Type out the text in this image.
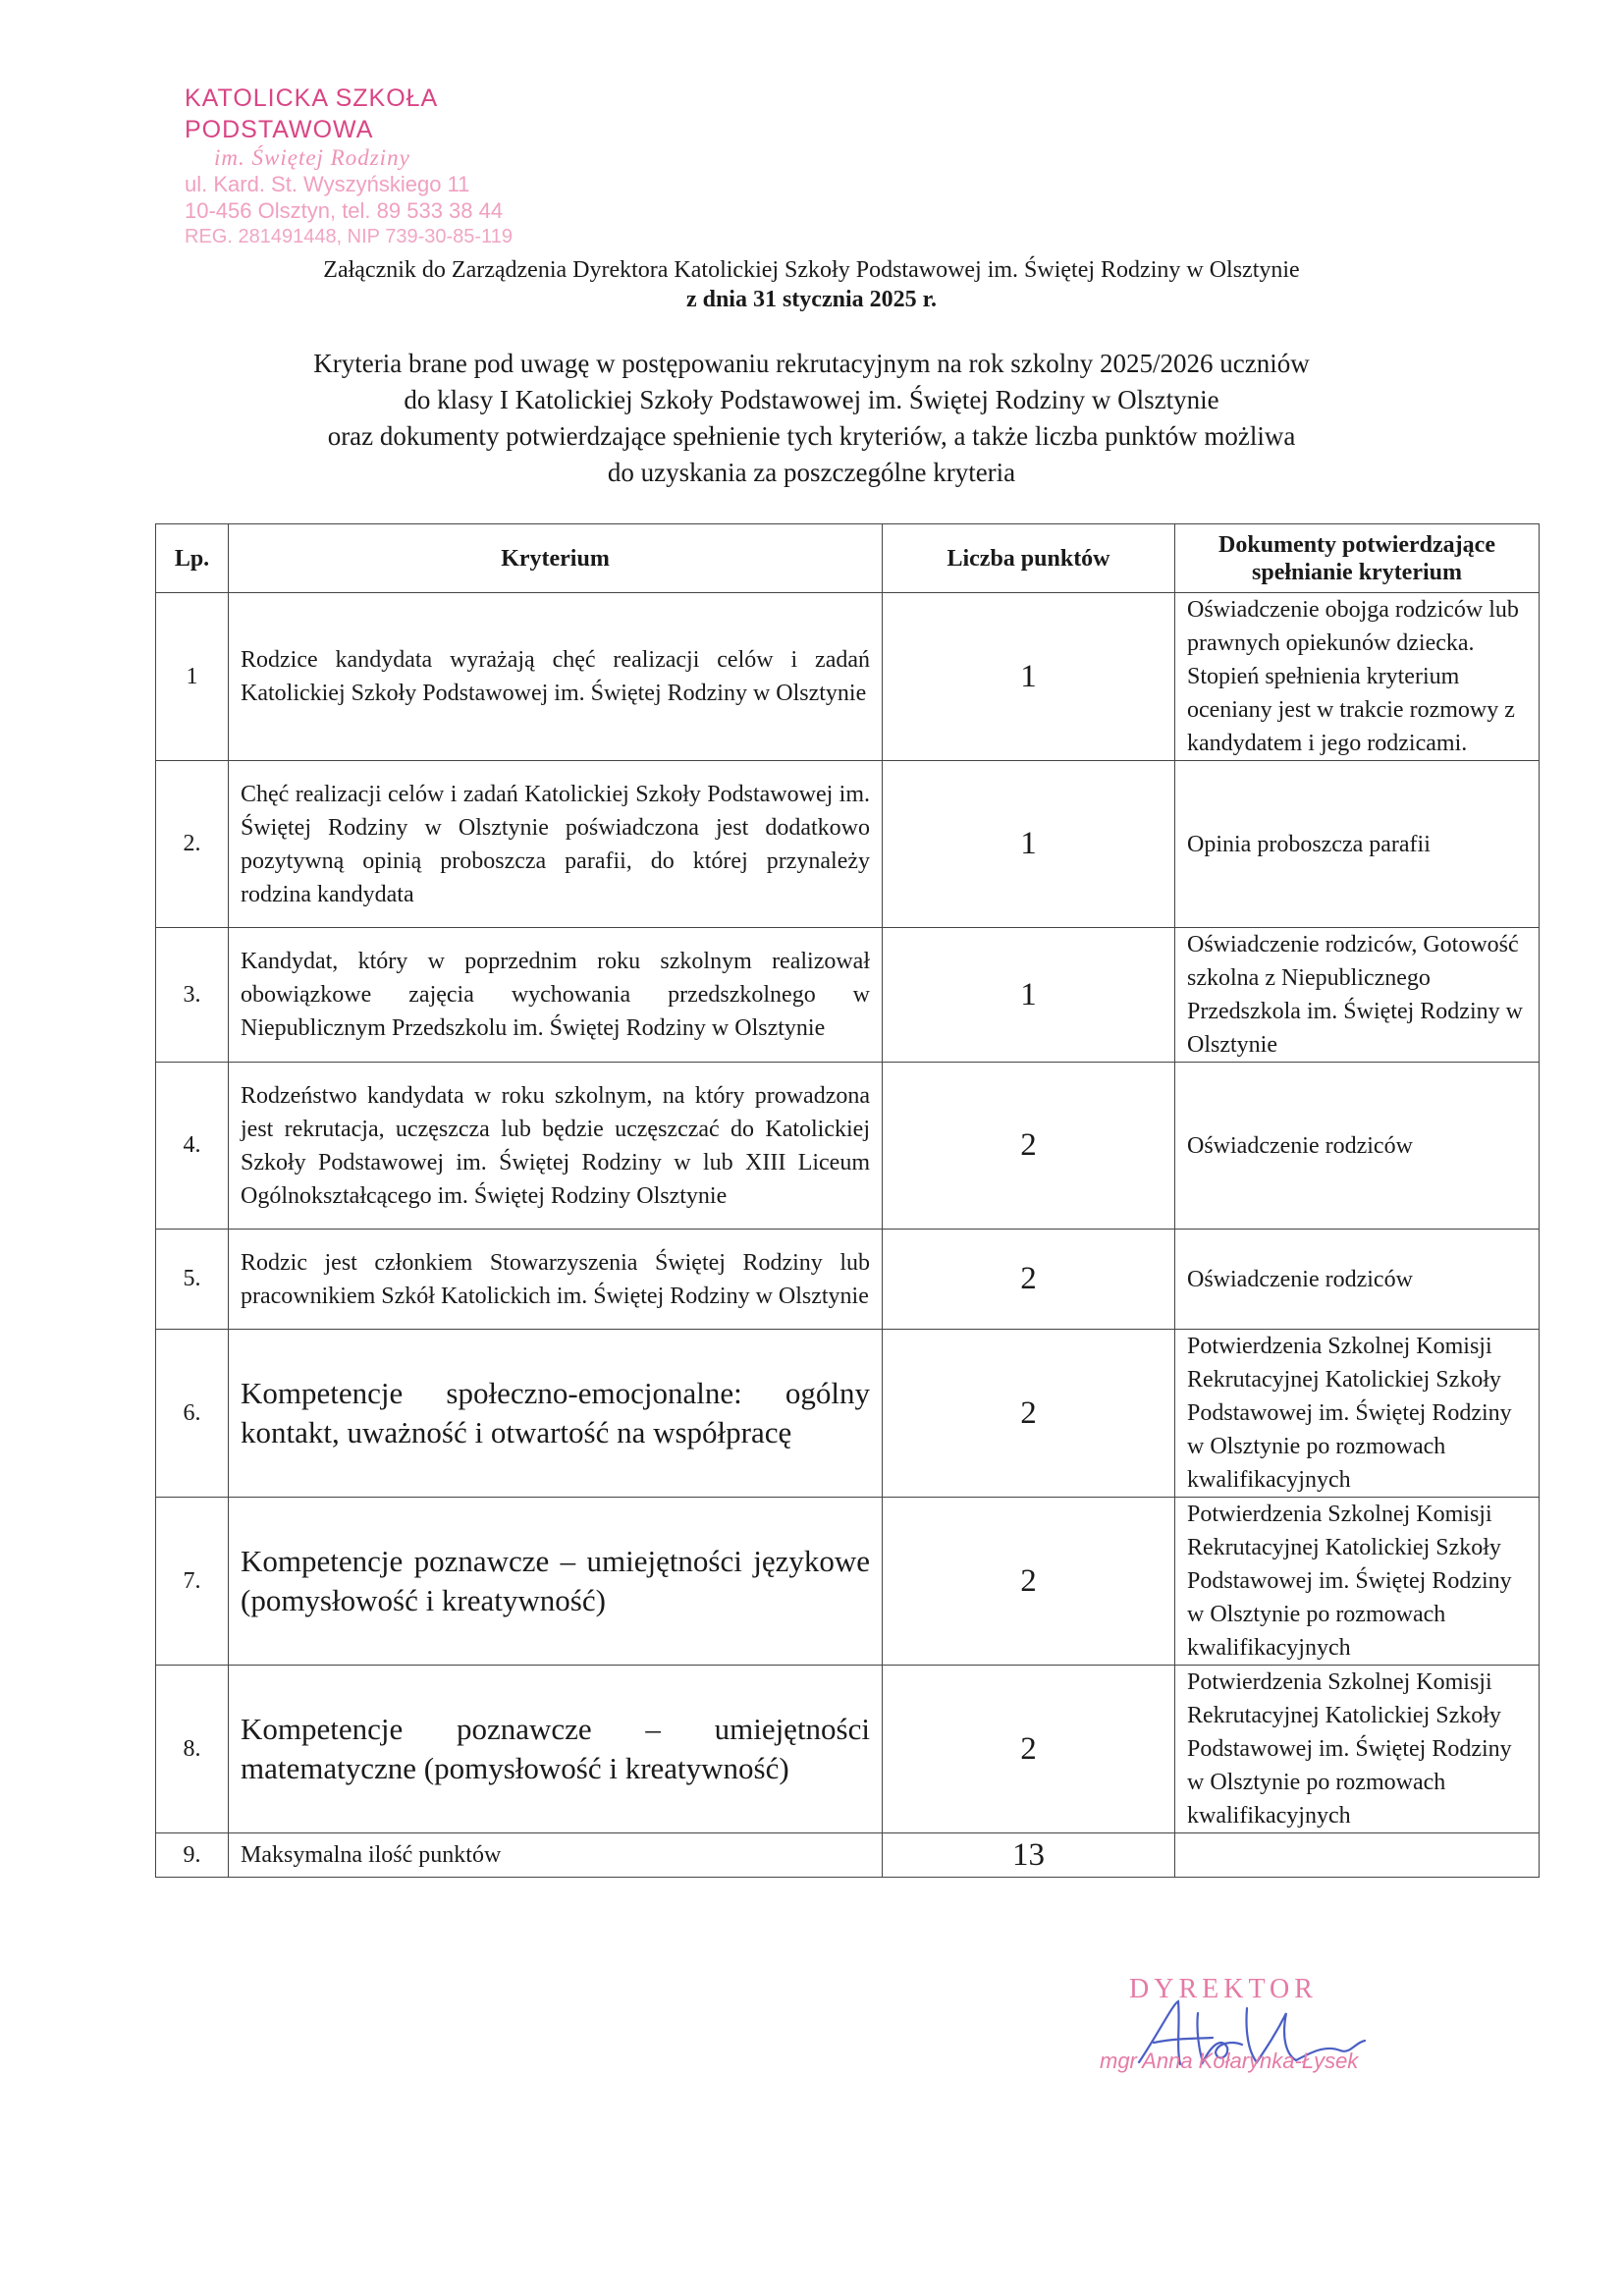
KATOLICKA SZKOŁA PODSTAWOWA
im. Świętej Rodziny
ul. Kard. St. Wyszyńskiego 11
10-456 Olsztyn, tel. 89 533 38 44
REG. 281491448, NIP 739-30-85-119
Załącznik do Zarządzenia Dyrektora Katolickiej Szkoły Podstawowej im. Świętej Rodziny w Olsztynie
z dnia 31 stycznia 2025 r.
Kryteria brane pod uwagę w postępowaniu rekrutacyjnym na rok szkolny 2025/2026 uczniów
do klasy I Katolickiej Szkoły Podstawowej im. Świętej Rodziny w Olsztynie
oraz dokumenty potwierdzające spełnienie tych kryteriów, a także liczba punktów możliwa
do uzyskania za poszczególne kryteria
Lp.	Kryterium	Liczba punktów	Dokumenty potwierdzające spełnianie kryterium
1	Rodzice kandydata wyrażają chęć realizacji celów i zadań Katolickiej Szkoły Podstawowej im. Świętej Rodziny w Olsztynie	1	Oświadczenie obojga rodziców lub prawnych opiekunów dziecka. Stopień spełnienia kryterium oceniany jest w trakcie rozmowy z kandydatem i jego rodzicami.
2.	Chęć realizacji celów i zadań Katolickiej Szkoły Podstawowej im. Świętej Rodziny w Olsztynie poświadczona jest dodatkowo pozytywną opinią proboszcza parafii, do której przynależy rodzina kandydata	1	Opinia proboszcza parafii
3.	Kandydat, który w poprzednim roku szkolnym realizował obowiązkowe zajęcia wychowania przedszkolnego w Niepublicznym Przedszkolu im. Świętej Rodziny w Olsztynie	1	Oświadczenie rodziców, Gotowość szkolna z Niepublicznego Przedszkola im. Świętej Rodziny w Olsztynie
4.	Rodzeństwo kandydata w roku szkolnym, na który prowadzona jest rekrutacja, uczęszcza lub będzie uczęszczać do Katolickiej Szkoły Podstawowej im. Świętej Rodziny w lub XIII Liceum Ogólnokształcącego im. Świętej Rodziny Olsztynie	2	Oświadczenie rodziców
5.	Rodzic jest członkiem Stowarzyszenia Świętej Rodziny lub pracownikiem Szkół Katolickich im. Świętej Rodziny w Olsztynie	2	Oświadczenie rodziców
6.	Kompetencje społeczno-emocjonalne: ogólny kontakt, uważność i otwartość na współpracę	2	Potwierdzenia Szkolnej Komisji Rekrutacyjnej Katolickiej Szkoły Podstawowej im. Świętej Rodziny w Olsztynie po rozmowach kwalifikacyjnych
7.	Kompetencje poznawcze – umiejętności językowe (pomysłowość i kreatywność)	2	Potwierdzenia Szkolnej Komisji Rekrutacyjnej Katolickiej Szkoły Podstawowej im. Świętej Rodziny w Olsztynie po rozmowach kwalifikacyjnych
8.	Kompetencje poznawcze – umiejętności matematyczne (pomysłowość i kreatywność)	2	Potwierdzenia Szkolnej Komisji Rekrutacyjnej Katolickiej Szkoły Podstawowej im. Świętej Rodziny w Olsztynie po rozmowach kwalifikacyjnych
9.	Maksymalna ilość punktów	13	
DYREKTOR
mgr Anna Kołarynka-Łysek
